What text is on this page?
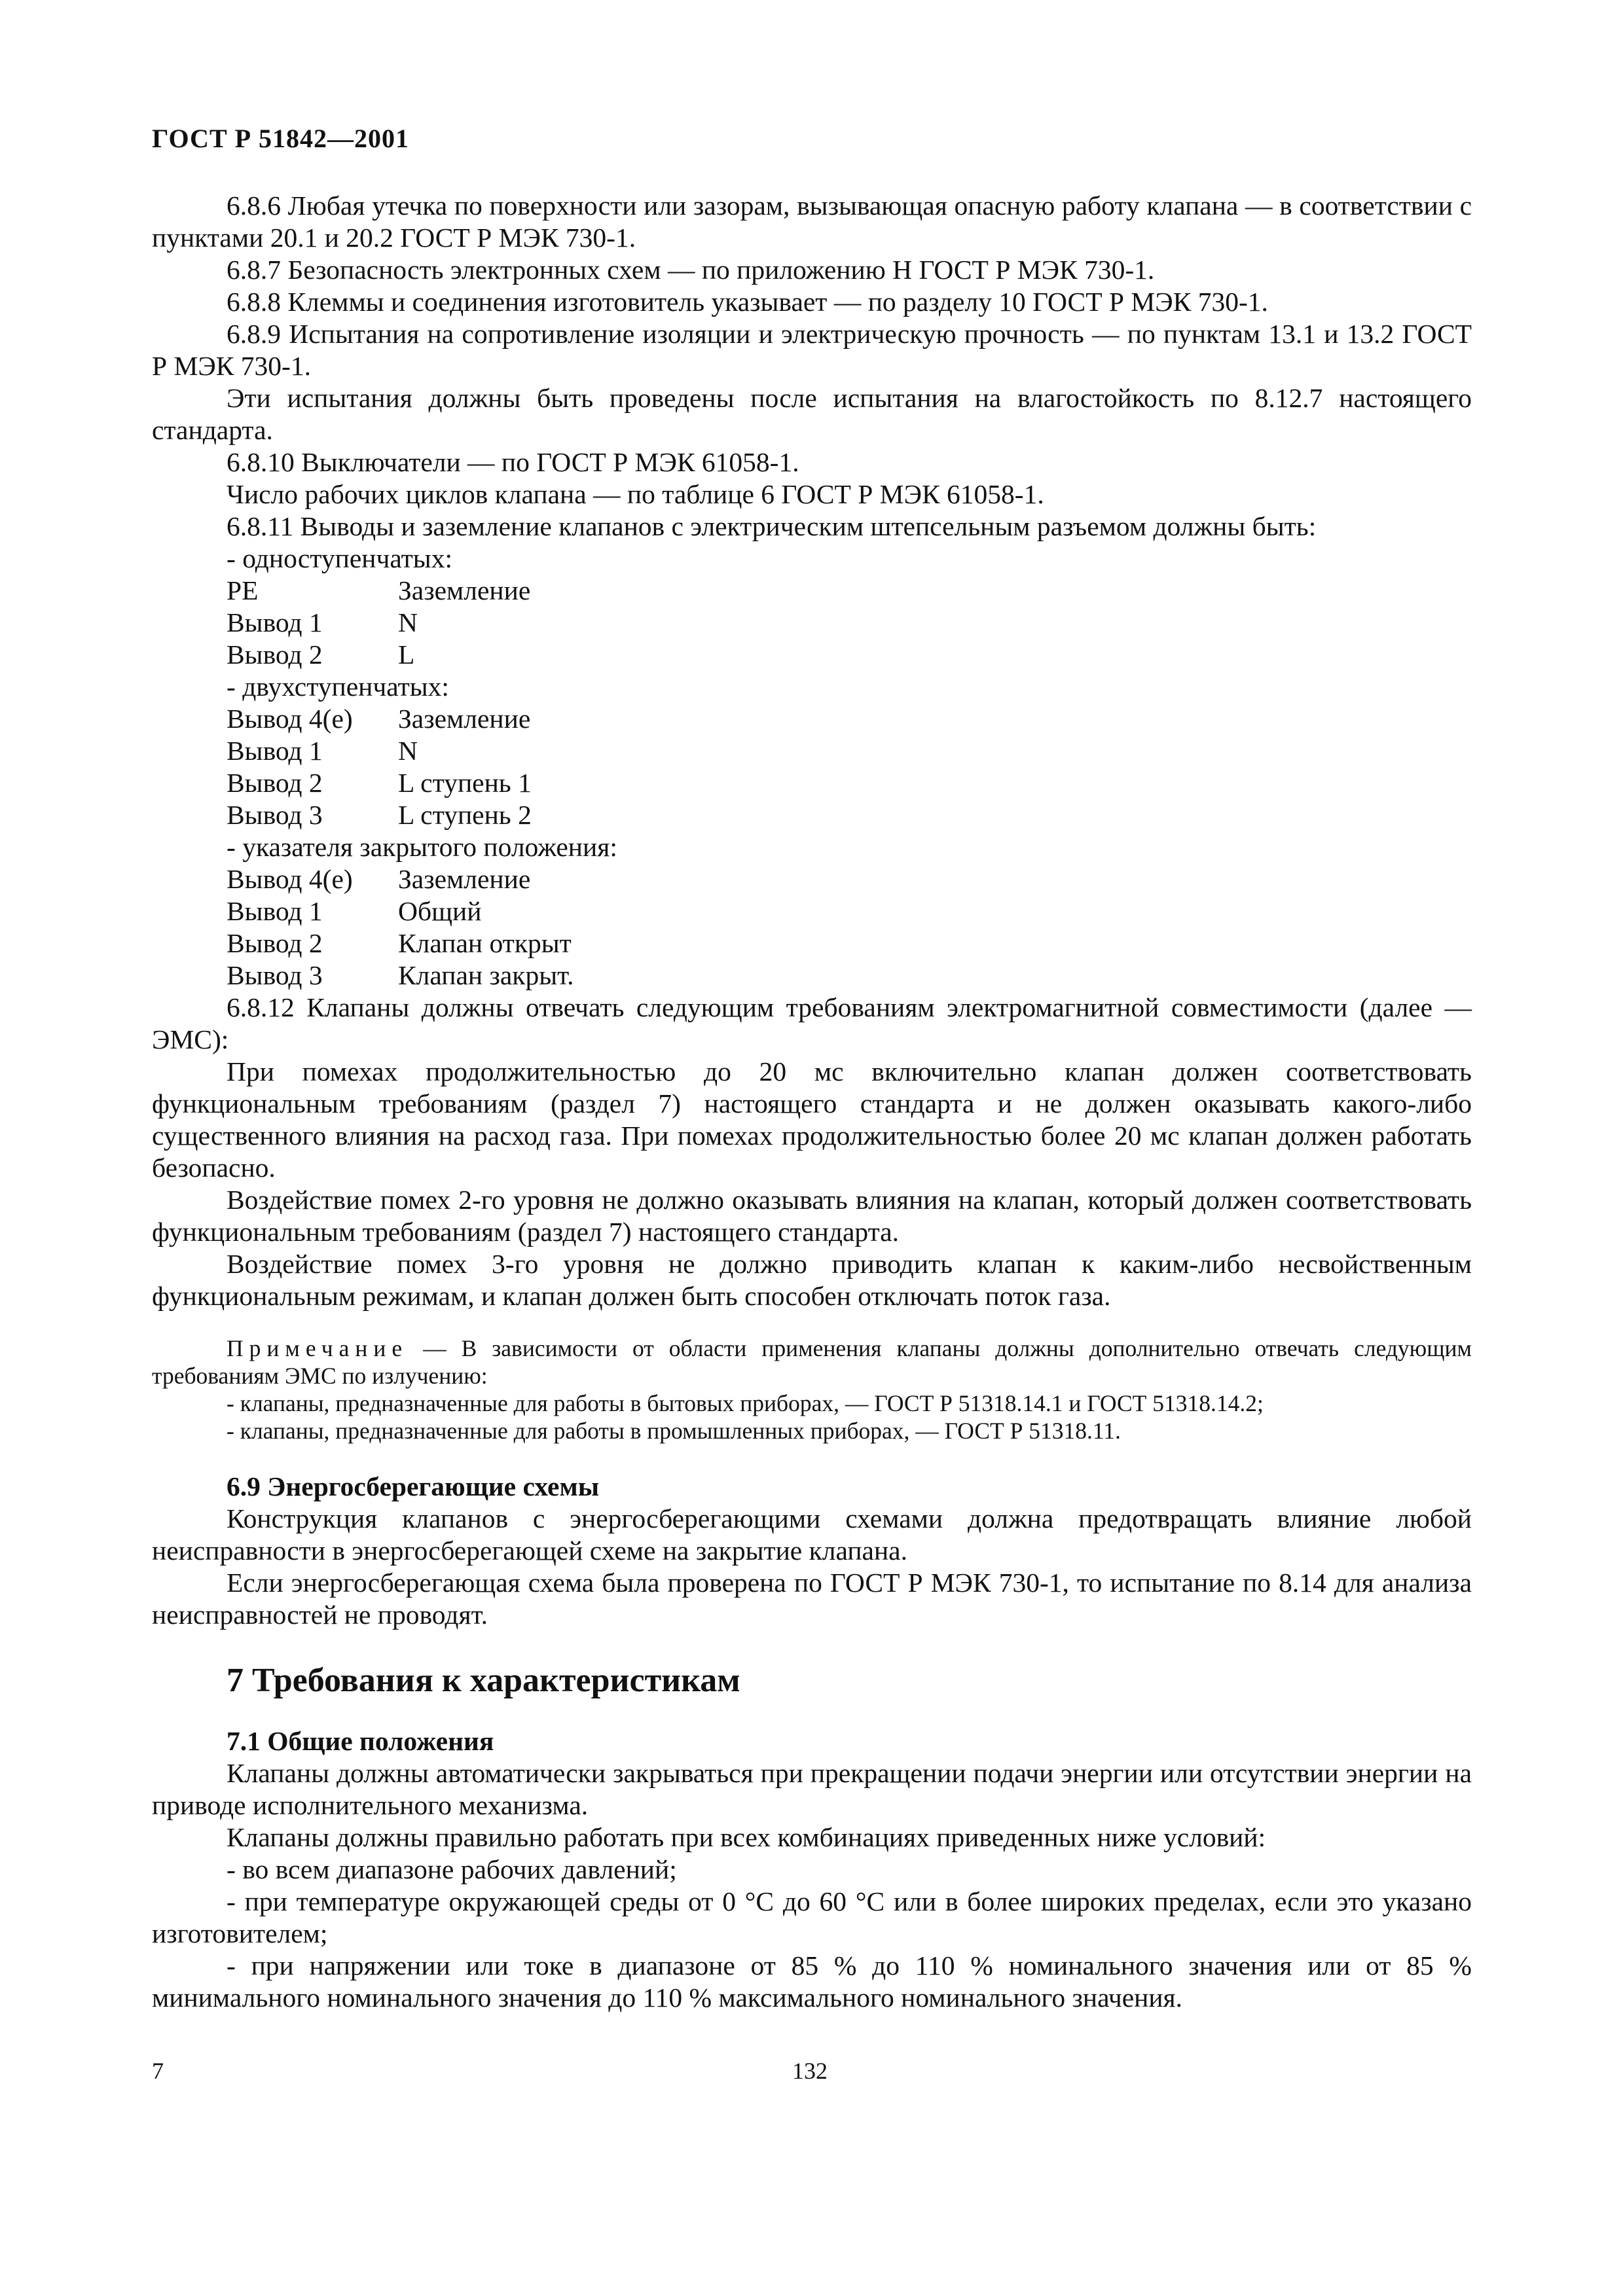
ГОСТ Р 51842—2001

6.8.6 Любая утечка по поверхности или зазорам, вызывающая опасную работу клапана — в соответствии с пунктами 20.1 и 20.2 ГОСТ Р МЭК 730-1.

6.8.7 Безопасность электронных схем — по приложению Н ГОСТ Р МЭК 730-1.

6.8.8 Клеммы и соединения изготовитель указывает — по разделу 10 ГОСТ Р МЭК 730-1.

6.8.9 Испытания на сопротивление изоляции и электрическую прочность — по пунктам 13.1 и 13.2 ГОСТ Р МЭК 730-1.

Эти испытания должны быть проведены после испытания на влагостойкость по 8.12.7 настоящего стандарта.

6.8.10 Выключатели — по ГОСТ Р МЭК 61058-1.

Число рабочих циклов клапана — по таблице 6 ГОСТ Р МЭК 61058-1.

6.8.11 Выводы и заземление клапанов с электрическим штепсельным разъемом должны быть:

- одноступенчатых:

PE	Заземление
Вывод 1	N
Вывод 2	L

- двухступенчатых:

Вывод 4(е)	Заземление
Вывод 1	N
Вывод 2	L ступень 1
Вывод 3	L ступень 2

- указателя закрытого положения:

Вывод 4(е)	Заземление
Вывод 1	Общий
Вывод 2	Клапан открыт
Вывод 3	Клапан закрыт.

6.8.12 Клапаны должны отвечать следующим требованиям электромагнитной совместимости (далее — ЭМС):

При помехах продолжительностью до 20 мс включительно клапан должен соответствовать функциональным требованиям (раздел 7) настоящего стандарта и не должен оказывать какого-либо существенного влияния на расход газа. При помехах продолжительностью более 20 мс клапан должен работать безопасно.

Воздействие помех 2-го уровня не должно оказывать влияния на клапан, который должен соответствовать функциональным требованиям (раздел 7) настоящего стандарта.

Воздействие помех 3-го уровня не должно приводить клапан к каким-либо несвойственным функциональным режимам, и клапан должен быть способен отключать поток газа.

Примечание — В зависимости от области применения клапаны должны дополнительно отвечать следующим требованиям ЭМС по излучению:

- клапаны, предназначенные для работы в бытовых приборах, — ГОСТ Р 51318.14.1 и ГОСТ 51318.14.2;

- клапаны, предназначенные для работы в промышленных приборах, — ГОСТ Р 51318.11.

6.9 Энергосберегающие схемы

Конструкция клапанов с энергосберегающими схемами должна предотвращать влияние любой неисправности в энергосберегающей схеме на закрытие клапана.

Если энергосберегающая схема была проверена по ГОСТ Р МЭК 730-1, то испытание по 8.14 для анализа неисправностей не проводят.

7 Требования к характеристикам

7.1 Общие положения

Клапаны должны автоматически закрываться при прекращении подачи энергии или отсутствии энергии на приводе исполнительного механизма.

Клапаны должны правильно работать при всех комбинациях приведенных ниже условий:

- во всем диапазоне рабочих давлений;

- при температуре окружающей среды от 0 °С до 60 °С или в более широких пределах, если это указано изготовителем;

- при напряжении или токе в диапазоне от 85 % до 110 % номинального значения или от 85 % минимального номинального значения до 110 % максимального номинального значения.

7	132
